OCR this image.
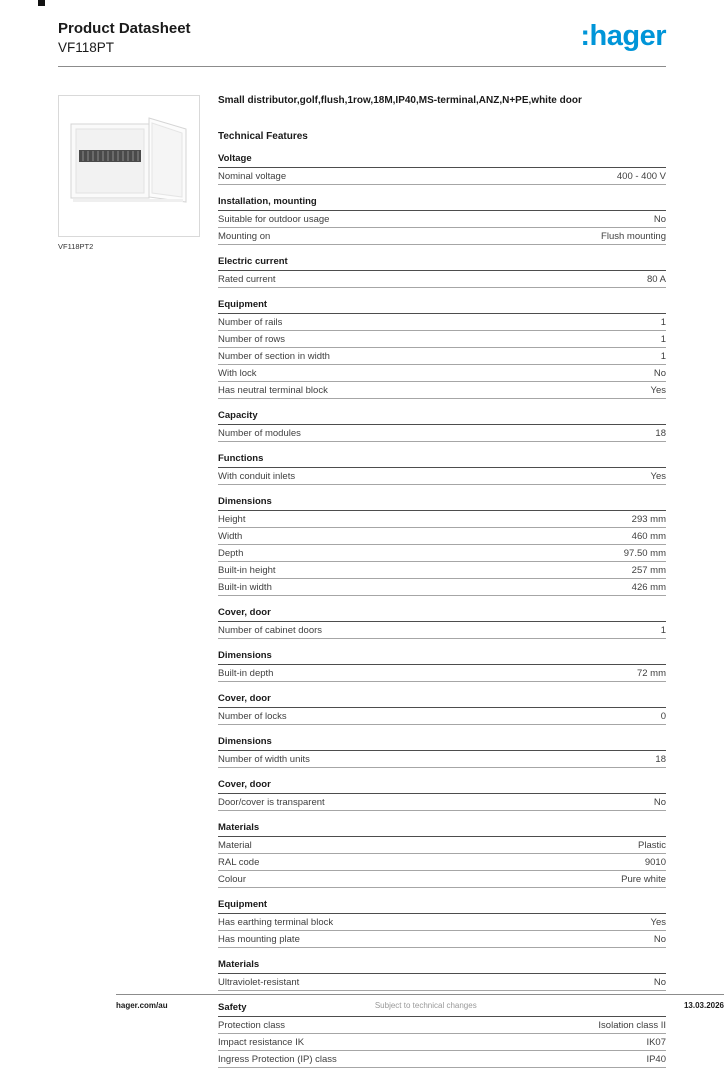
Product Datasheet
VF118PT	:hager
VF118PT2
Small distributor,golf,flush,1row,18M,IP40,MS-terminal,ANZ,N+PE,white door
Technical Features
Voltage
Nominal voltage	400 - 400 V
Installation, mounting
Suitable for outdoor usage	No
Mounting on	Flush mounting
Electric current
Rated current	80 A
Equipment
Number of rails	1
Number of rows	1
Number of section in width	1
With lock	No
Has neutral terminal block	Yes
Capacity
Number of modules	18
Functions
With conduit inlets	Yes
Dimensions
Height	293 mm
Width	460 mm
Depth	97.50 mm
Built-in height	257 mm
Built-in width	426 mm
Cover, door
Number of cabinet doors	1
Dimensions
Built-in depth	72 mm
Cover, door
Number of locks	0
Dimensions
Number of width units	18
Cover, door
Door/cover is transparent	No
Materials
Material	Plastic
RAL code	9010
Colour	Pure white
Equipment
Has earthing terminal block	Yes
Has mounting plate	No
Materials
Ultraviolet-resistant	No
Safety
Protection class	Isolation class II
Impact resistance IK	IK07
Ingress Protection (IP) class	IP40
hager.com/au	Subject to technical changes	13.03.2026
